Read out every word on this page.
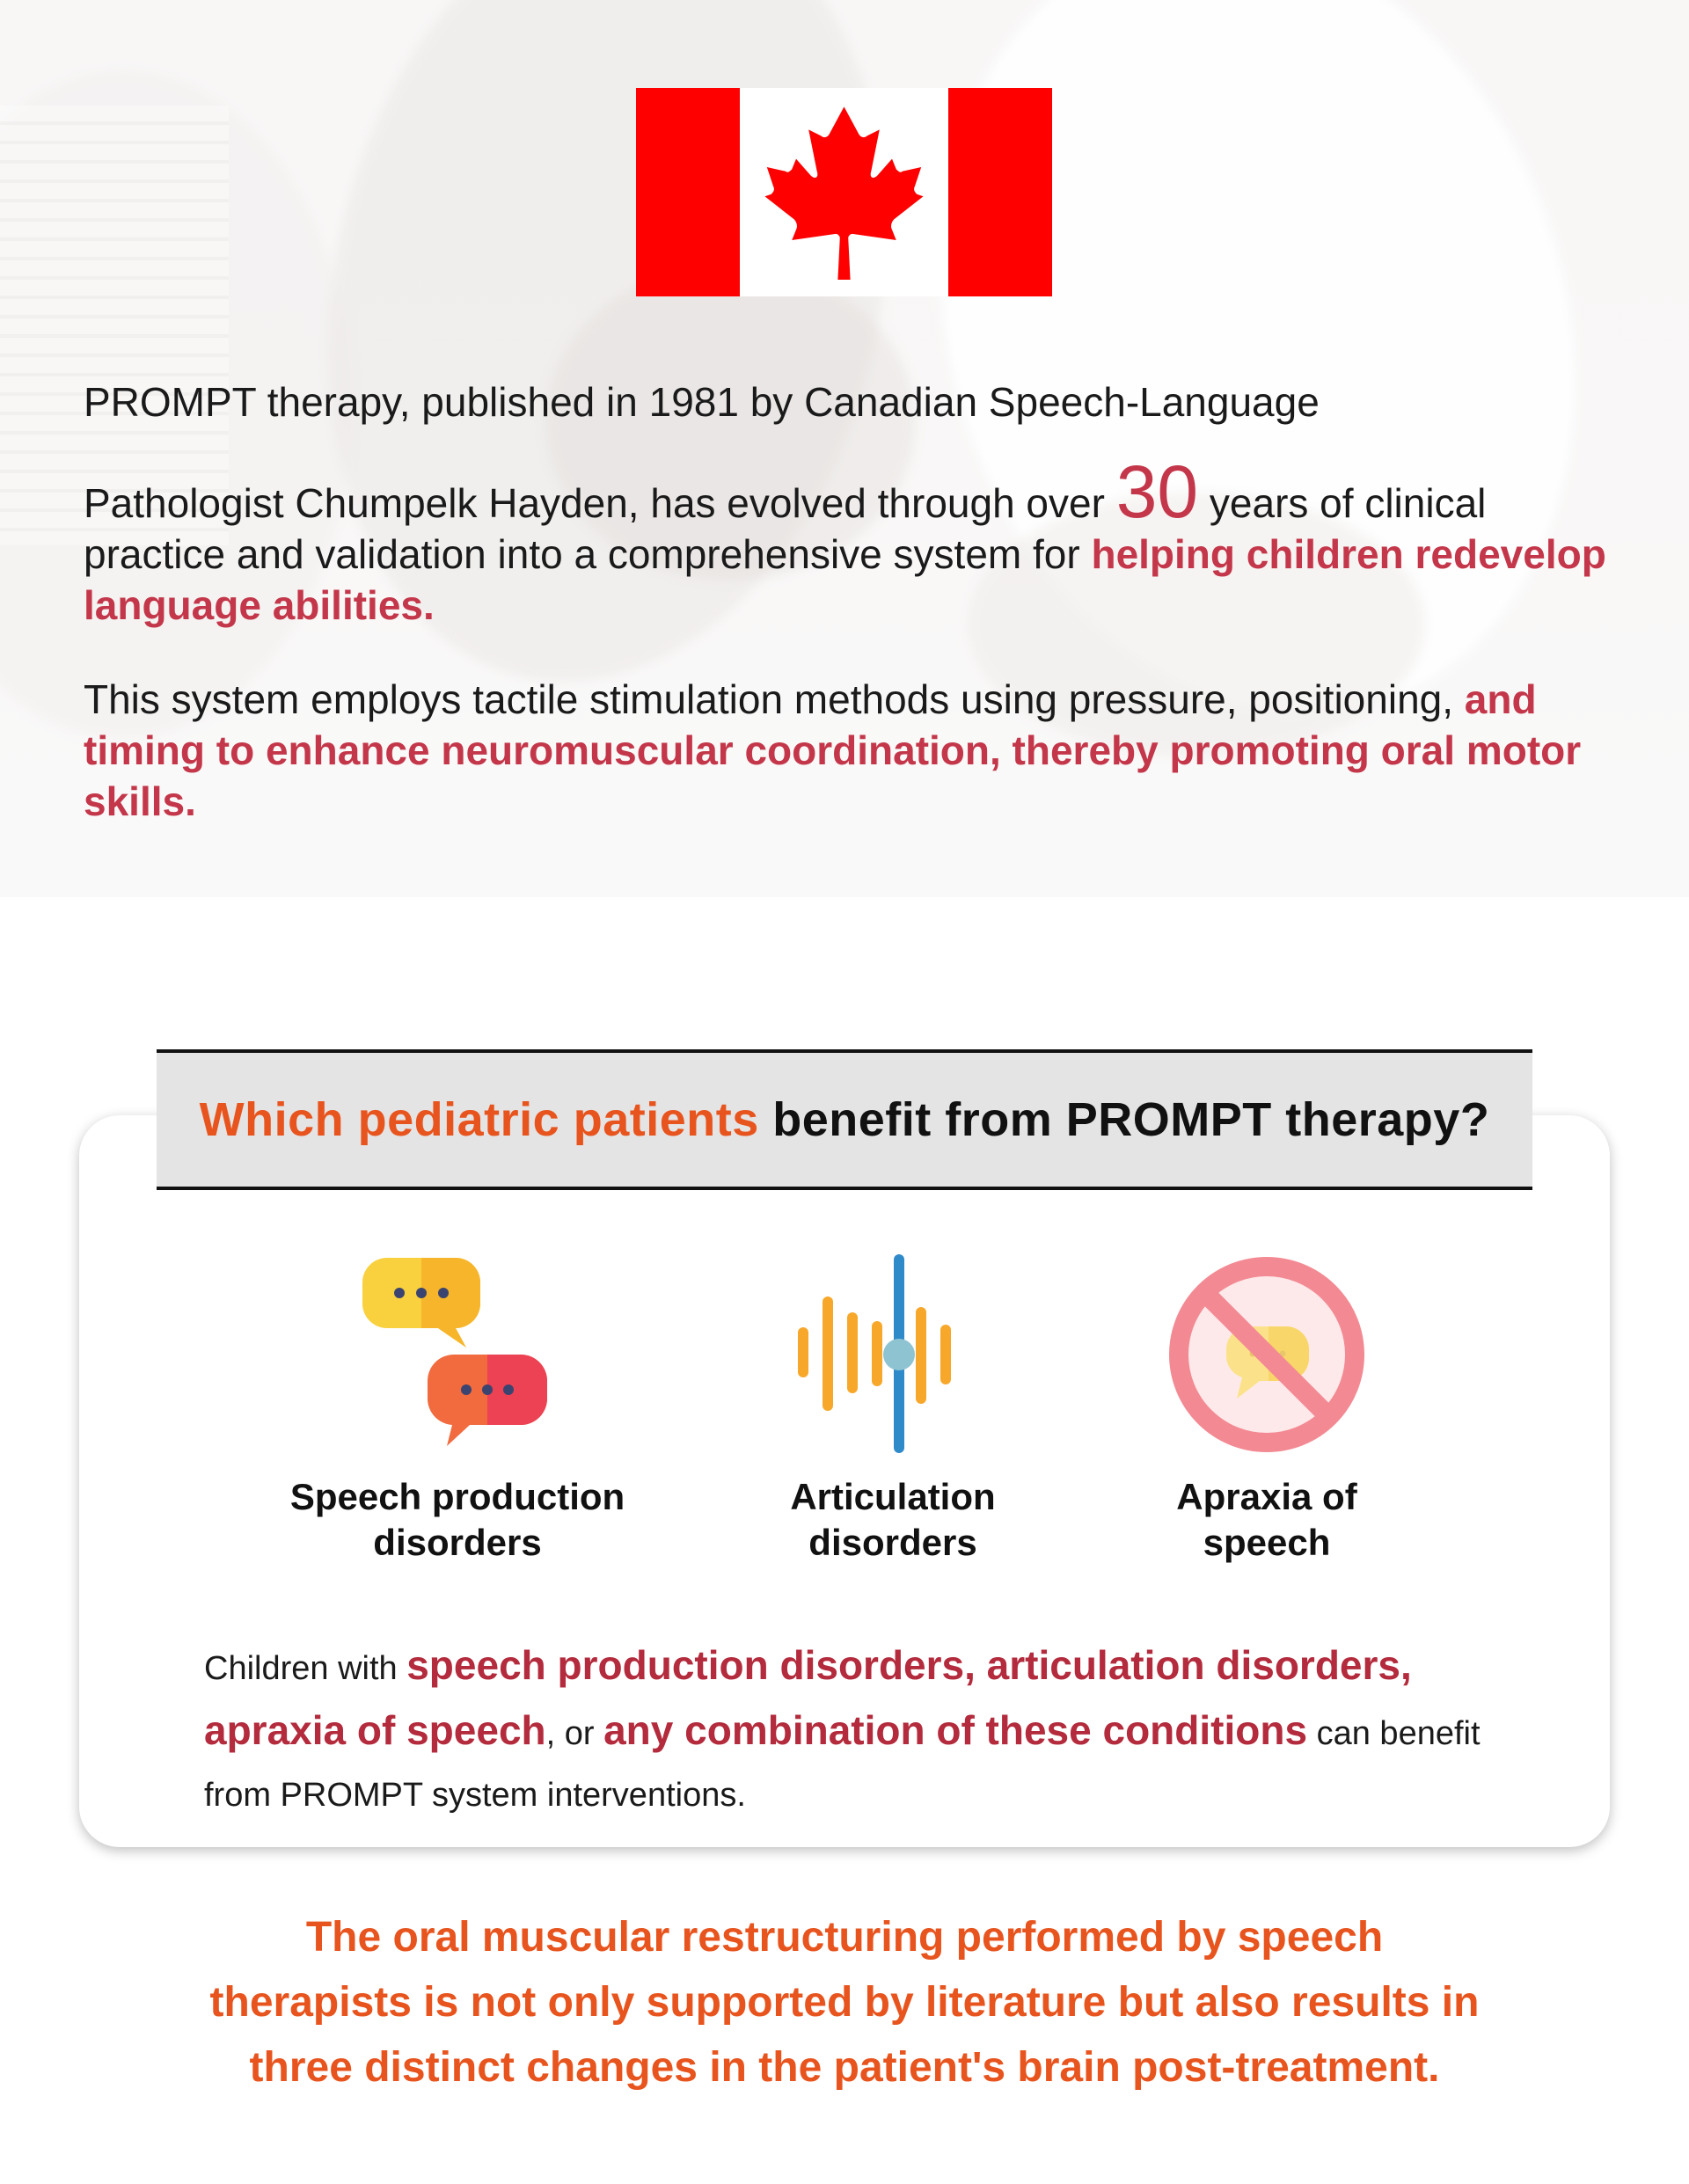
PROMPT therapy, published in 1981 by Canadian Speech-Language
Pathologist Chumpelk Hayden, has evolved through over 30 years of clinical practice and validation into a comprehensive system for helping children redevelop language abilities.
This system employs tactile stimulation methods using pressure, positioning, and timing to enhance neuromuscular coordination, thereby promoting oral motor skills.
Which pediatric patients benefit from PROMPT therapy?
Speech production
disorders
Articulation
disorders
Apraxia of
speech
Children with speech production disorders, articulation disorders, apraxia of speech, or any combination of these conditions can benefit from PROMPT system interventions.
The oral muscular restructuring performed by speech
therapists is not only supported by literature but also results in
three distinct changes in the patient's brain post-treatment.
